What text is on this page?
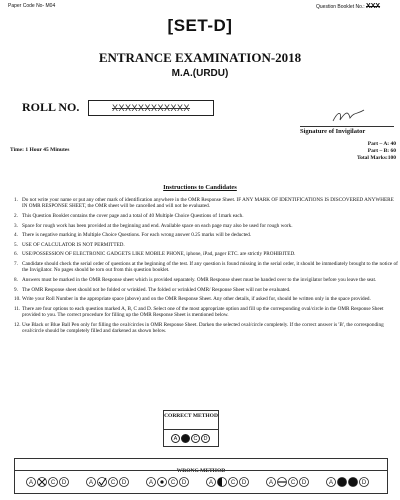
Paper Code No- M04	Question Booklet No.: XXX
[SET-D]
ENTRANCE EXAMINATION-2018
M.A.(URDU)
ROLL NO.	XXXXXXXXXXXX
Signature of Invigilator
Time: 1 Hour 45 Minutes
Part – A: 40
Part – B: 60
Total Marks:100
Instructions to Candidates
1. Do not write your name or put any other mark of identification anywhere in the OMR Response Sheet. IF ANY MARK OF IDENTIFICATIONS IS DISCOVERED ANYWHERE IN OMR RESPONSE SHEET, the OMR sheet will be cancelled and will not be evaluated.

2. This Question Booklet contains the cover page and a total of 40 Multiple Choice Questions of 1mark each.

3. Space for rough work has been provided at the beginning and end. Available space on each page may also be used for rough work.

4. There is negative marking in Multiple Choice Questions. For each wrong answer 0.25 marks will be deducted.

5. USE OF CALCULATOR IS NOT PERMITTED.

6. USE/POSSESSION OF ELECTRONIC GADGETS LIKE MOBILE PHONE, iphone, iPad, pager ETC. are strictly PROHIBITED.

7. Candidate should check the serial order of questions at the beginning of the test. If any question is found missing in the serial order, it should be immediately brought to the notice of the Invigilator. No pages should be torn out from this question booklet.

8. Answers must be marked in the OMR Response sheet which is provided separately. OMR Response sheet must be handed over to the invigilator before you leave the seat.

9. The OMR Response sheet should not be folded or wrinkled. The folded or wrinkled OMR/ Response Sheet will not be evaluated.

10. Write your Roll Number in the appropriate space (above) and on the OMR Response Sheet. Any other details, if asked for, should be written only in the space provided.

11. There are four options to each question marked A, B, C and D. Select one of the most appropriate option and fill up the corresponding oval/circle in the OMR Response Sheet provided to you. The correct procedure for filling up the OMR Response Sheet is mentioned below.

12. Use Black or Blue Ball Pen only for filling the oval/circles in OMR Response Sheet. Darken the selected oval/circle completely. If the correct answer is 'B', the corresponding oval/circle should be completely filled and darkened as shown below.

CORRECT METHOD
A B C D
WRONG METHOD
A	C D	A	C D	A	C D	A	C D	A	C D	A	D
